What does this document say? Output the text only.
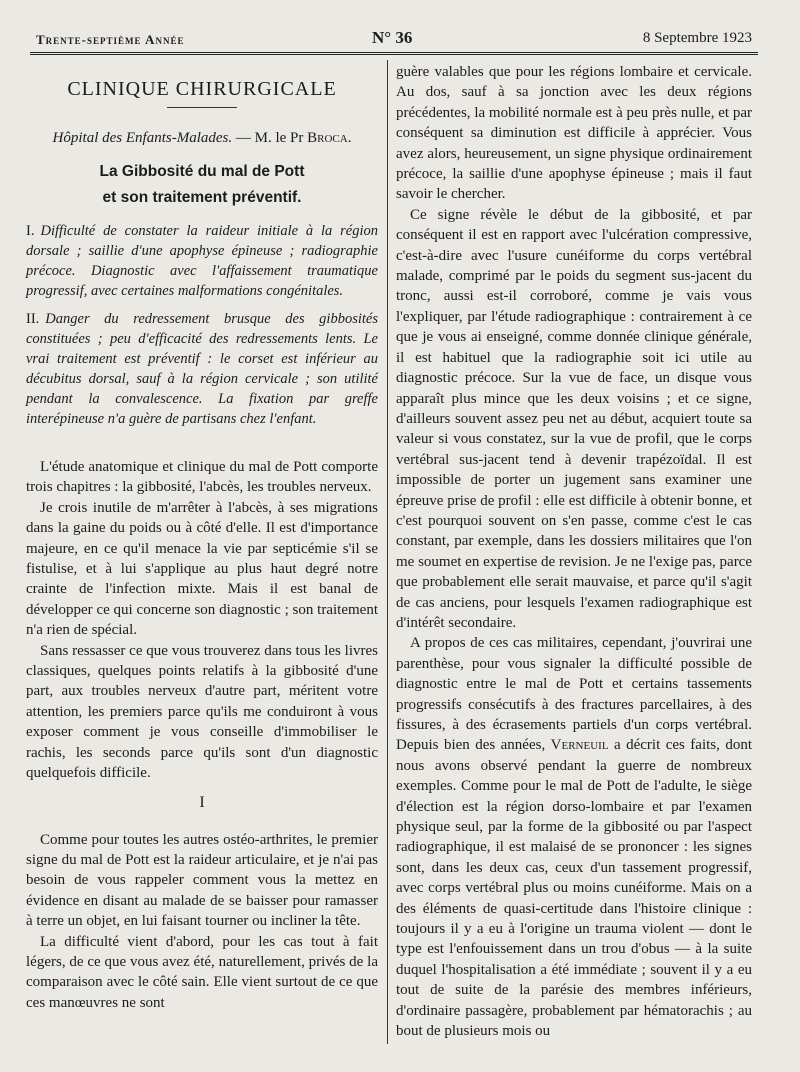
Trente-septième Année	N° 36	8 Septembre 1923
CLINIQUE CHIRURGICALE
Hôpital des Enfants-Malades. — M. le Pr Broca.
La Gibbosité du mal de Pott
et son traitement préventif.
I. Difficulté de constater la raideur initiale à la région dorsale ; saillie d'une apophyse épineuse ; radiographie précoce. Diagnostic avec l'affaissement traumatique progressif, avec certaines malformations congénitales.
II. Danger du redressement brusque des gibbosités constituées ; peu d'efficacité des redressements lents. Le vrai traitement est préventif : le corset est inférieur au décubitus dorsal, sauf à la région cervicale ; son utilité pendant la convalescence. La fixation par greffe interépineuse n'a guère de partisans chez l'enfant.

L'étude anatomique et clinique du mal de Pott comporte trois chapitres : la gibbosité, l'abcès, les troubles nerveux.

Je crois inutile de m'arrêter à l'abcès, à ses migrations dans la gaine du poids ou à côté d'elle. Il est d'importance majeure, en ce qu'il menace la vie par septicémie s'il se fistulise, et à lui s'applique au plus haut degré notre crainte de l'infection mixte. Mais il est banal de développer ce qui concerne son diagnostic ; son traitement n'a rien de spécial.

Sans ressasser ce que vous trouverez dans tous les livres classiques, quelques points relatifs à la gibbosité d'une part, aux troubles nerveux d'autre part, méritent votre attention, les premiers parce qu'ils me conduiront à vous exposer comment je vous conseille d'immobiliser le rachis, les seconds parce qu'ils sont d'un diagnostic quelquefois difficile.

I

Comme pour toutes les autres ostéo-arthrites, le premier signe du mal de Pott est la raideur articulaire, et je n'ai pas besoin de vous rappeler comment vous la mettez en évidence en disant au malade de se baisser pour ramasser à terre un objet, en lui faisant tourner ou incliner la tête.

La difficulté vient d'abord, pour les cas tout à fait légers, de ce que vous avez été, naturellement, privés de la comparaison avec le côté sain. Elle vient surtout de ce que ces manœuvres ne sont

guère valables que pour les régions lombaire et cervicale. Au dos, sauf à sa jonction avec les deux régions précédentes, la mobilité normale est à peu près nulle, et par conséquent sa diminution est difficile à apprécier. Vous avez alors, heureusement, un signe physique ordinairement précoce, la saillie d'une apophyse épineuse ; mais il faut savoir le chercher.

Ce signe révèle le début de la gibbosité, et par conséquent il est en rapport avec l'ulcération compressive, c'est-à-dire avec l'usure cunéiforme du corps vertébral malade, comprimé par le poids du segment sus-jacent du tronc, aussi est-il corroboré, comme je vais vous l'expliquer, par l'étude radiographique : contrairement à ce que je vous ai enseigné, comme donnée clinique générale, il est habituel que la radiographie soit ici utile au diagnostic précoce. Sur la vue de face, un disque vous apparaît plus mince que les deux voisins ; et ce signe, d'ailleurs souvent assez peu net au début, acquiert toute sa valeur si vous constatez, sur la vue de profil, que le corps vertébral sus-jacent tend à devenir trapézoïdal. Il est impossible de porter un jugement sans examiner une épreuve prise de profil : elle est difficile à obtenir bonne, et c'est pourquoi souvent on s'en passe, comme c'est le cas constant, par exemple, dans les dossiers militaires que l'on me soumet en expertise de revision. Je ne l'exige pas, parce que probablement elle serait mauvaise, et parce qu'il s'agit de cas anciens, pour lesquels l'examen radiographique est d'intérêt secondaire.

A propos de ces cas militaires, cependant, j'ouvrirai une parenthèse, pour vous signaler la difficulté possible de diagnostic entre le mal de Pott et certains tassements progressifs consécutifs à des fractures parcellaires, à des fissures, à des écrasements partiels d'un corps vertébral. Depuis bien des années, Verneuil a décrit ces faits, dont nous avons observé pendant la guerre de nombreux exemples. Comme pour le mal de Pott de l'adulte, le siège d'élection est la région dorso-lombaire et par l'examen physique seul, par la forme de la gibbosité ou par l'aspect radiographique, il est malaisé de se prononcer : les signes sont, dans les deux cas, ceux d'un tassement progressif, avec corps vertébral plus ou moins cunéiforme. Mais on a des éléments de quasi-certitude dans l'histoire clinique : toujours il y a eu à l'origine un trauma violent — dont le type est l'enfouissement dans un trou d'obus — à la suite duquel l'hospitalisation a été immédiate ; souvent il y a eu tout de suite de la parésie des membres inférieurs, d'ordinaire passagère, probablement par hématorachis ; au bout de plusieurs mois ou
